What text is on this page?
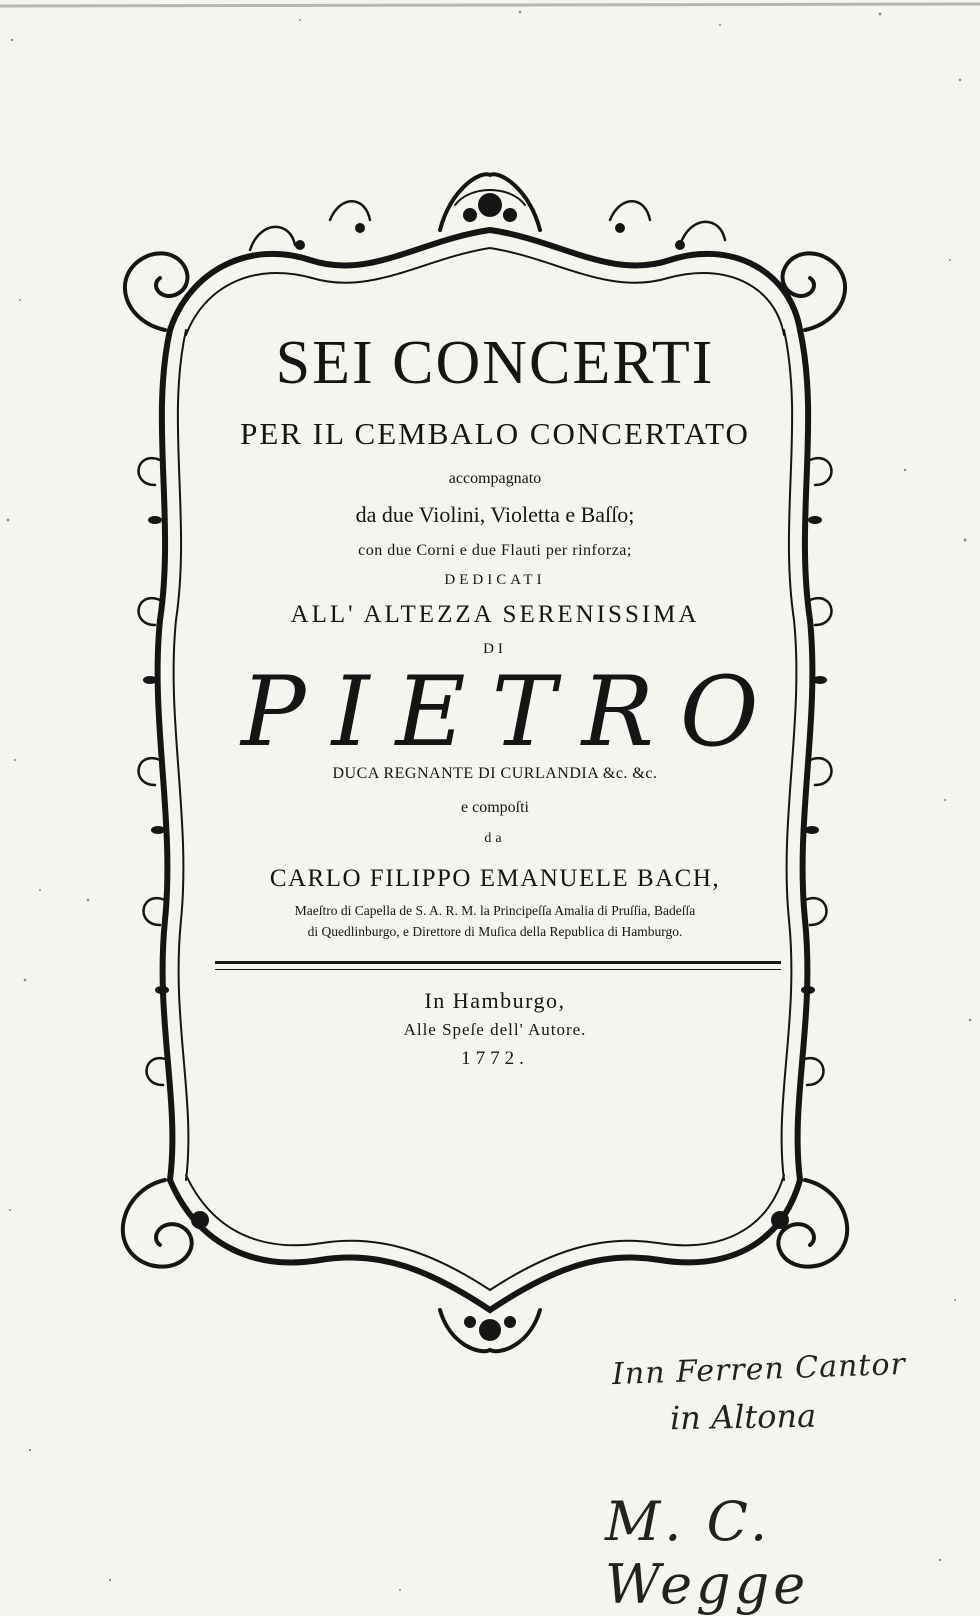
SEI CONCERTI
PER IL CEMBALO CONCERTATO
accompagnato
da due Violini, Violetta e Baſſo;
con due Corni e due Flauti per rinforza;
DEDICATI
ALL' ALTEZZA SERENISSIMA
DI
PIETRO
DUCA REGNANTE DI CURLANDIA &c. &c.
e compoſti
da
CARLO FILIPPO EMANUELE BACH,
Maeſtro di Capella de S. A. R. M. la Principeſſa Amalia di Pruſſia, Badeſſa
di Quedlinburgo, e Direttore di Muſica della Republica di Hamburgo.
In Hamburgo,
Alle Speſe dell' Autore.
1772.
Inn Ferren Cantor
in Altona
M. C. Wegge
